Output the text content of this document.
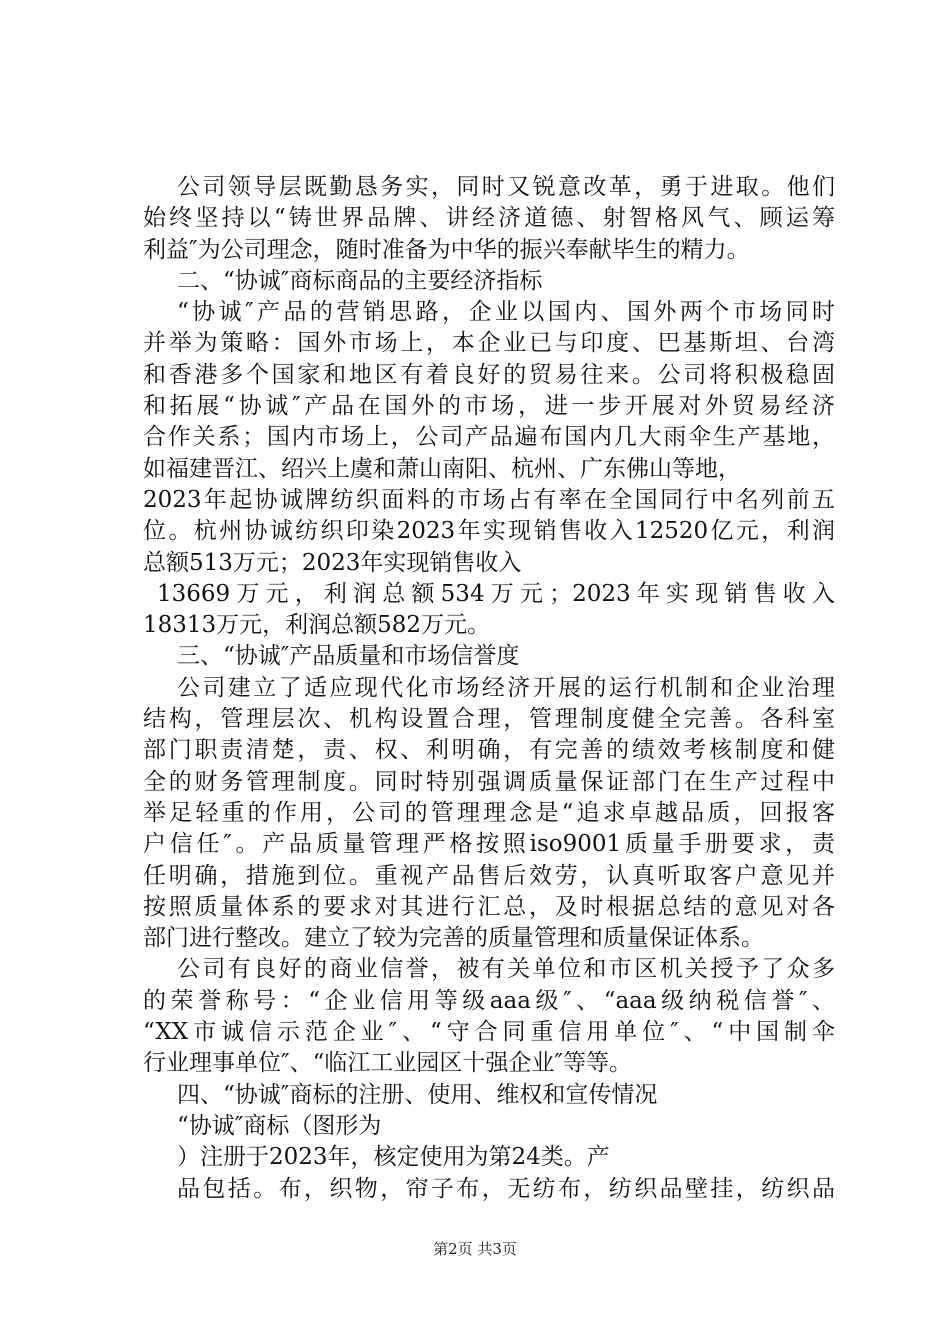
公司领导层既勤恳务实，同时又锐意改革，勇于进取。他们
始终坚持以“铸世界品牌、讲经济道德、射智格风气、顾运筹
利益″为公司理念，随时准备为中华的振兴奉献毕生的精力。
二、“协诚″商标商品的主要经济指标
“协诚″产品的营销思路，企业以国内、国外两个市场同时
并举为策略：国外市场上，本企业已与印度、巴基斯坦、台湾
和香港多个国家和地区有着良好的贸易往来。公司将积极稳固
和拓展“协诚″产品在国外的市场，进一步开展对外贸易经济
合作关系；国内市场上，公司产品遍布国内几大雨伞生产基地，
如福建晋江、绍兴上虞和萧山南阳、杭州、广东佛山等地，
2023年起协诚牌纺织面料的市场占有率在全国同行中名列前五
位。杭州协诚纺织印染2023年实现销售收入12520亿元，利润
总额513万元；2023年实现销售收入
13669万元，利润总额534万元；2023年实现销售收入
18313万元，利润总额582万元。
三、“协诚″产品质量和市场信誉度
公司建立了适应现代化市场经济开展的运行机制和企业治理
结构，管理层次、机构设置合理，管理制度健全完善。各科室
部门职责清楚，责、权、利明确，有完善的绩效考核制度和健
全的财务管理制度。同时特别强调质量保证部门在生产过程中
举足轻重的作用，公司的管理理念是“追求卓越品质，回报客
户信任″。产品质量管理严格按照iso9001质量手册要求，责
任明确，措施到位。重视产品售后效劳，认真听取客户意见并
按照质量体系的要求对其进行汇总，及时根据总结的意见对各
部门进行整改。建立了较为完善的质量管理和质量保证体系。
公司有良好的商业信誉，被有关单位和市区机关授予了众多
的荣誉称号：“企业信用等级aaa级″、“aaa级纳税信誉″、
“XX市诚信示范企业″、“守合同重信用单位″、“中国制伞
行业理事单位″、“临江工业园区十强企业″等等。
四、“协诚″商标的注册、使用、维权和宣传情况
“协诚″商标（图形为
）注册于2023年，核定使用为第24类。产
品包括。布，织物，帘子布，无纺布，纺织品壁挂，纺织品
第2页 共3页
